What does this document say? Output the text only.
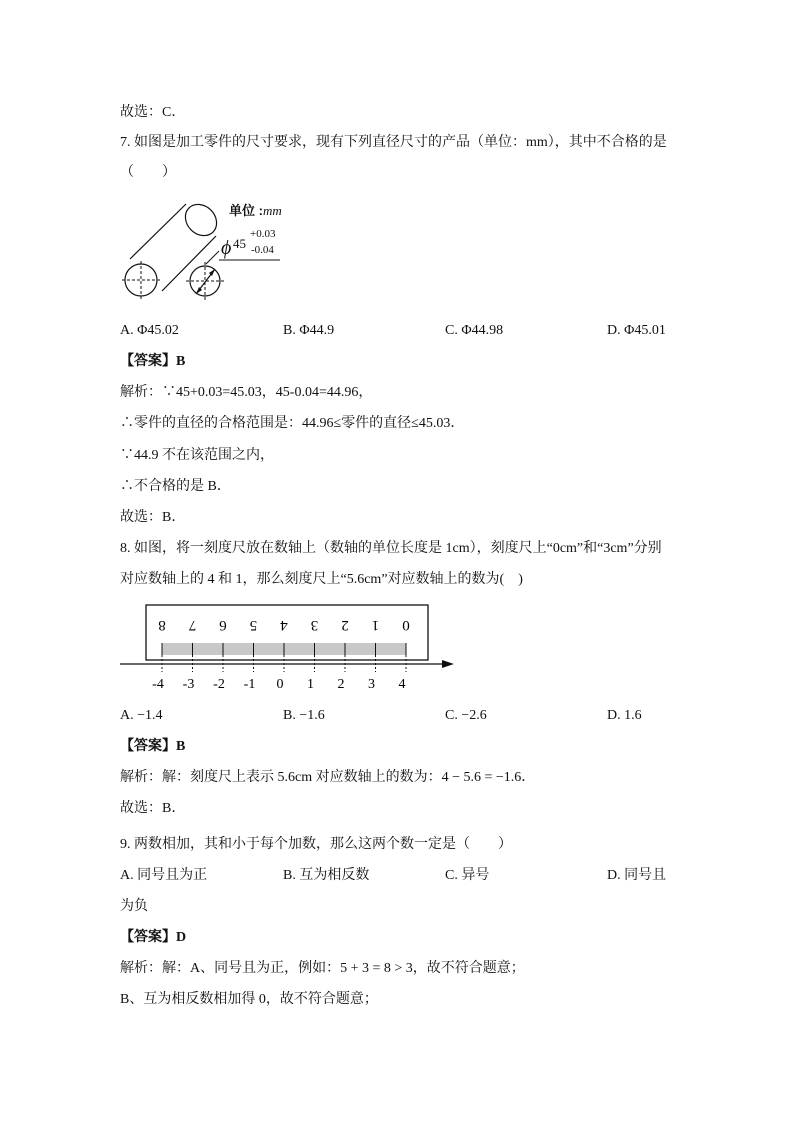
故选：C．
7. 如图是加工零件的尺寸要求，现有下列直径尺寸的产品（单位：mm），其中不合格的是
（　　）
单位 :mm
ϕ 45
+0.03
-0.04
A. Φ45.02	B. Φ44.9	C. Φ44.98	D. Φ45.01
【答案】B
解析：∵45+0.03=45.03，45-0.04=44.96，
∴零件的直径的合格范围是：44.96≤零件的直径≤45.03．
∵44.9 不在该范围之内，
∴不合格的是 B．
故选：B．
8. 如图，将一刻度尺放在数轴上（数轴的单位长度是 1cm），刻度尺上“0cm”和“3cm”分别
对应数轴上的 4 和 1，那么刻度尺上“5.6cm”对应数轴上的数为(　)
8 7 6 5 4 3 2 1 0
-4 -3 -2 -1 0 1 2 3 4
A. −1.4	B. −1.6	C. −2.6	D. 1.6
【答案】B
解析：解：刻度尺上表示 5.6cm 对应数轴上的数为：4 − 5.6 = −1.6．
故选：B．
9. 两数相加，其和小于每个加数，那么这两个数一定是（　　）
A. 同号且为正	B. 互为相反数	C. 异号	D. 同号且
为负
【答案】D
解析：解：A、同号且为正，例如：5 + 3 = 8 > 3，故不符合题意；
B、互为相反数相加得 0，故不符合题意；
